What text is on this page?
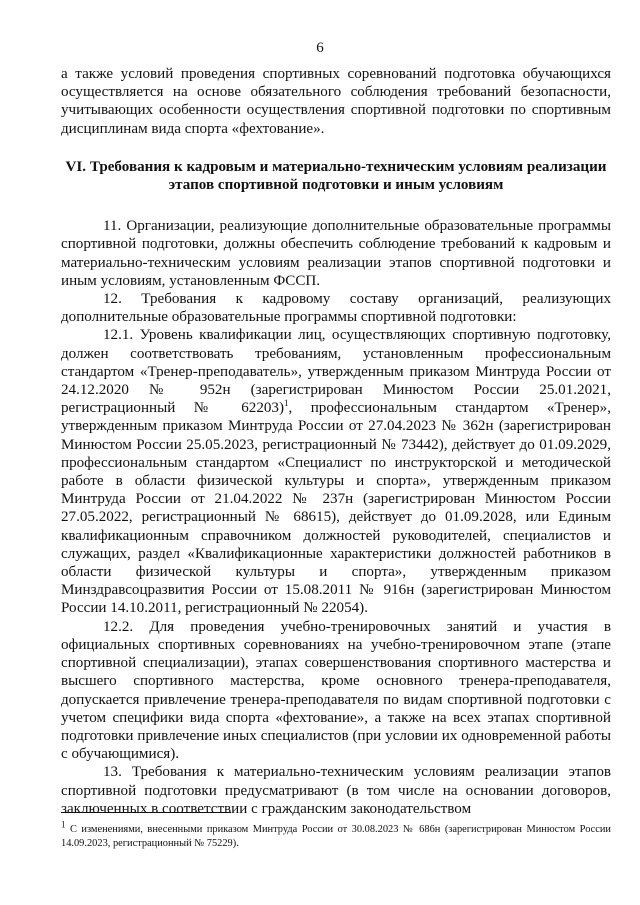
6

а также условий проведения спортивных соревнований подготовка обучающихся осуществляется на основе обязательного соблюдения требований безопасности, учитывающих особенности осуществления спортивной подготовки по спортивным дисциплинам вида спорта «фехтование».

VI. Требования к кадровым и материально-техническим условиям реализации этапов спортивной подготовки и иным условиям

11. Организации, реализующие дополнительные образовательные программы спортивной подготовки, должны обеспечить соблюдение требований к кадровым и материально-техническим условиям реализации этапов спортивной подготовки и иным условиям, установленным ФССП.

12. Требования к кадровому составу организаций, реализующих дополнительные образовательные программы спортивной подготовки:

12.1. Уровень квалификации лиц, осуществляющих спортивную подготовку, должен соответствовать требованиям, установленным профессиональным стандартом «Тренер-преподаватель», утвержденным приказом Минтруда России от 24.12.2020 № 952н (зарегистрирован Минюстом России 25.01.2021, регистрационный № 62203)$^1$, профессиональным стандартом «Тренер», утвержденным приказом Минтруда России от 27.04.2023 № 362н (зарегистрирован Минюстом России 25.05.2023, регистрационный № 73442), действует до 01.09.2029, профессиональным стандартом «Специалист по инструкторской и методической работе в области физической культуры и спорта», утвержденным приказом Минтруда России от 21.04.2022 № 237н (зарегистрирован Минюстом России 27.05.2022, регистрационный № 68615), действует до 01.09.2028, или Единым квалификационным справочником должностей руководителей, специалистов и служащих, раздел «Квалификационные характеристики должностей работников в области физической культуры и спорта», утвержденным приказом Минздравсоцразвития России от 15.08.2011 № 916н (зарегистрирован Минюстом России 14.10.2011, регистрационный № 22054).

12.2. Для проведения учебно-тренировочных занятий и участия в официальных спортивных соревнованиях на учебно-тренировочном этапе (этапе спортивной специализации), этапах совершенствования спортивного мастерства и высшего спортивного мастерства, кроме основного тренера-преподавателя, допускается привлечение тренера-преподавателя по видам спортивной подготовки с учетом специфики вида спорта «фехтование», а также на всех этапах спортивной подготовки привлечение иных специалистов (при условии их одновременной работы с обучающимися).

13. Требования к материально-техническим условиям реализации этапов спортивной подготовки предусматривают (в том числе на основании договоров, заключенных в соответствии с гражданским законодательством

1 С изменениями, внесенными приказом Минтруда России от 30.08.2023 № 686н (зарегистрирован Минюстом России 14.09.2023, регистрационный № 75229).
